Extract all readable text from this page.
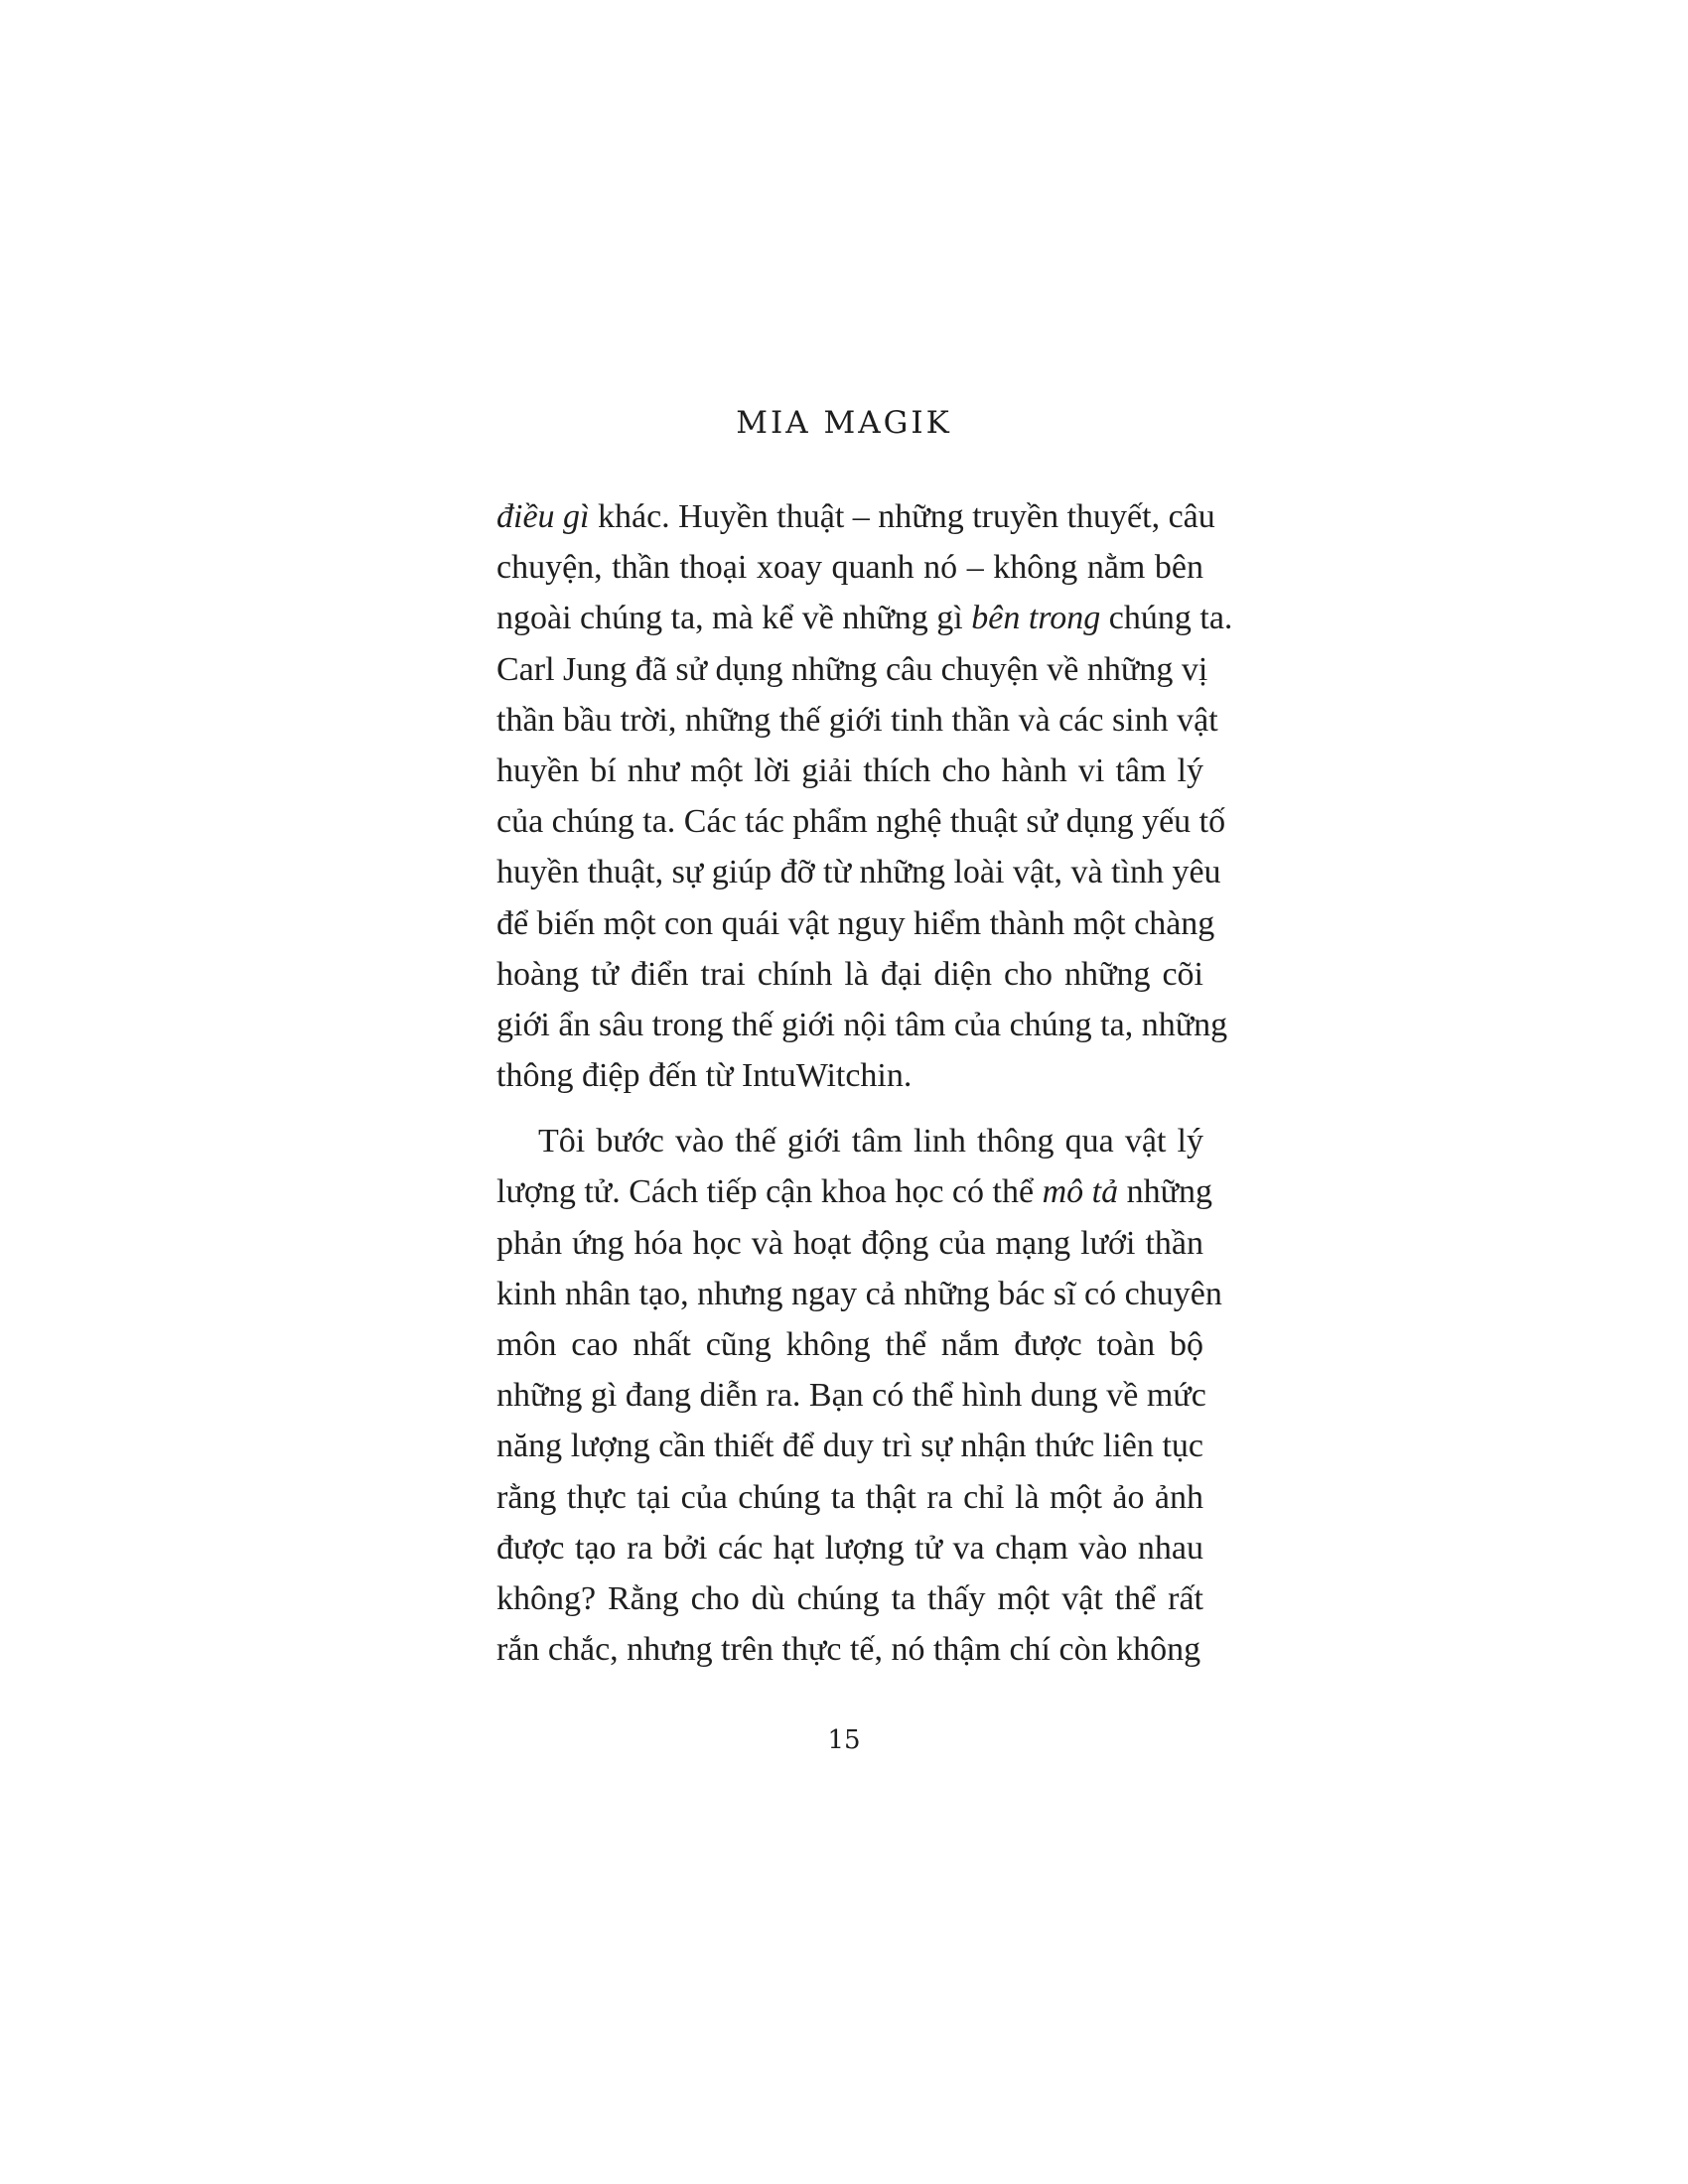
MIA MAGIK
điều gì khác. Huyền thuật – những truyền thuyết, câu
chuyện, thần thoại xoay quanh nó – không nằm bên
ngoài chúng ta, mà kể về những gì bên trong chúng ta.
Carl Jung đã sử dụng những câu chuyện về những vị
thần bầu trời, những thế giới tinh thần và các sinh vật
huyền bí như một lời giải thích cho hành vi tâm lý
của chúng ta. Các tác phẩm nghệ thuật sử dụng yếu tố
huyền thuật, sự giúp đỡ từ những loài vật, và tình yêu
để biến một con quái vật nguy hiểm thành một chàng
hoàng tử điển trai chính là đại diện cho những cõi
giới ẩn sâu trong thế giới nội tâm của chúng ta, những
thông điệp đến từ IntuWitchin.
Tôi bước vào thế giới tâm linh thông qua vật lý
lượng tử. Cách tiếp cận khoa học có thể mô tả những
phản ứng hóa học và hoạt động của mạng lưới thần
kinh nhân tạo, nhưng ngay cả những bác sĩ có chuyên
môn cao nhất cũng không thể nắm được toàn bộ
những gì đang diễn ra. Bạn có thể hình dung về mức
năng lượng cần thiết để duy trì sự nhận thức liên tục
rằng thực tại của chúng ta thật ra chỉ là một ảo ảnh
được tạo ra bởi các hạt lượng tử va chạm vào nhau
không? Rằng cho dù chúng ta thấy một vật thể rất
rắn chắc, nhưng trên thực tế, nó thậm chí còn không
15
